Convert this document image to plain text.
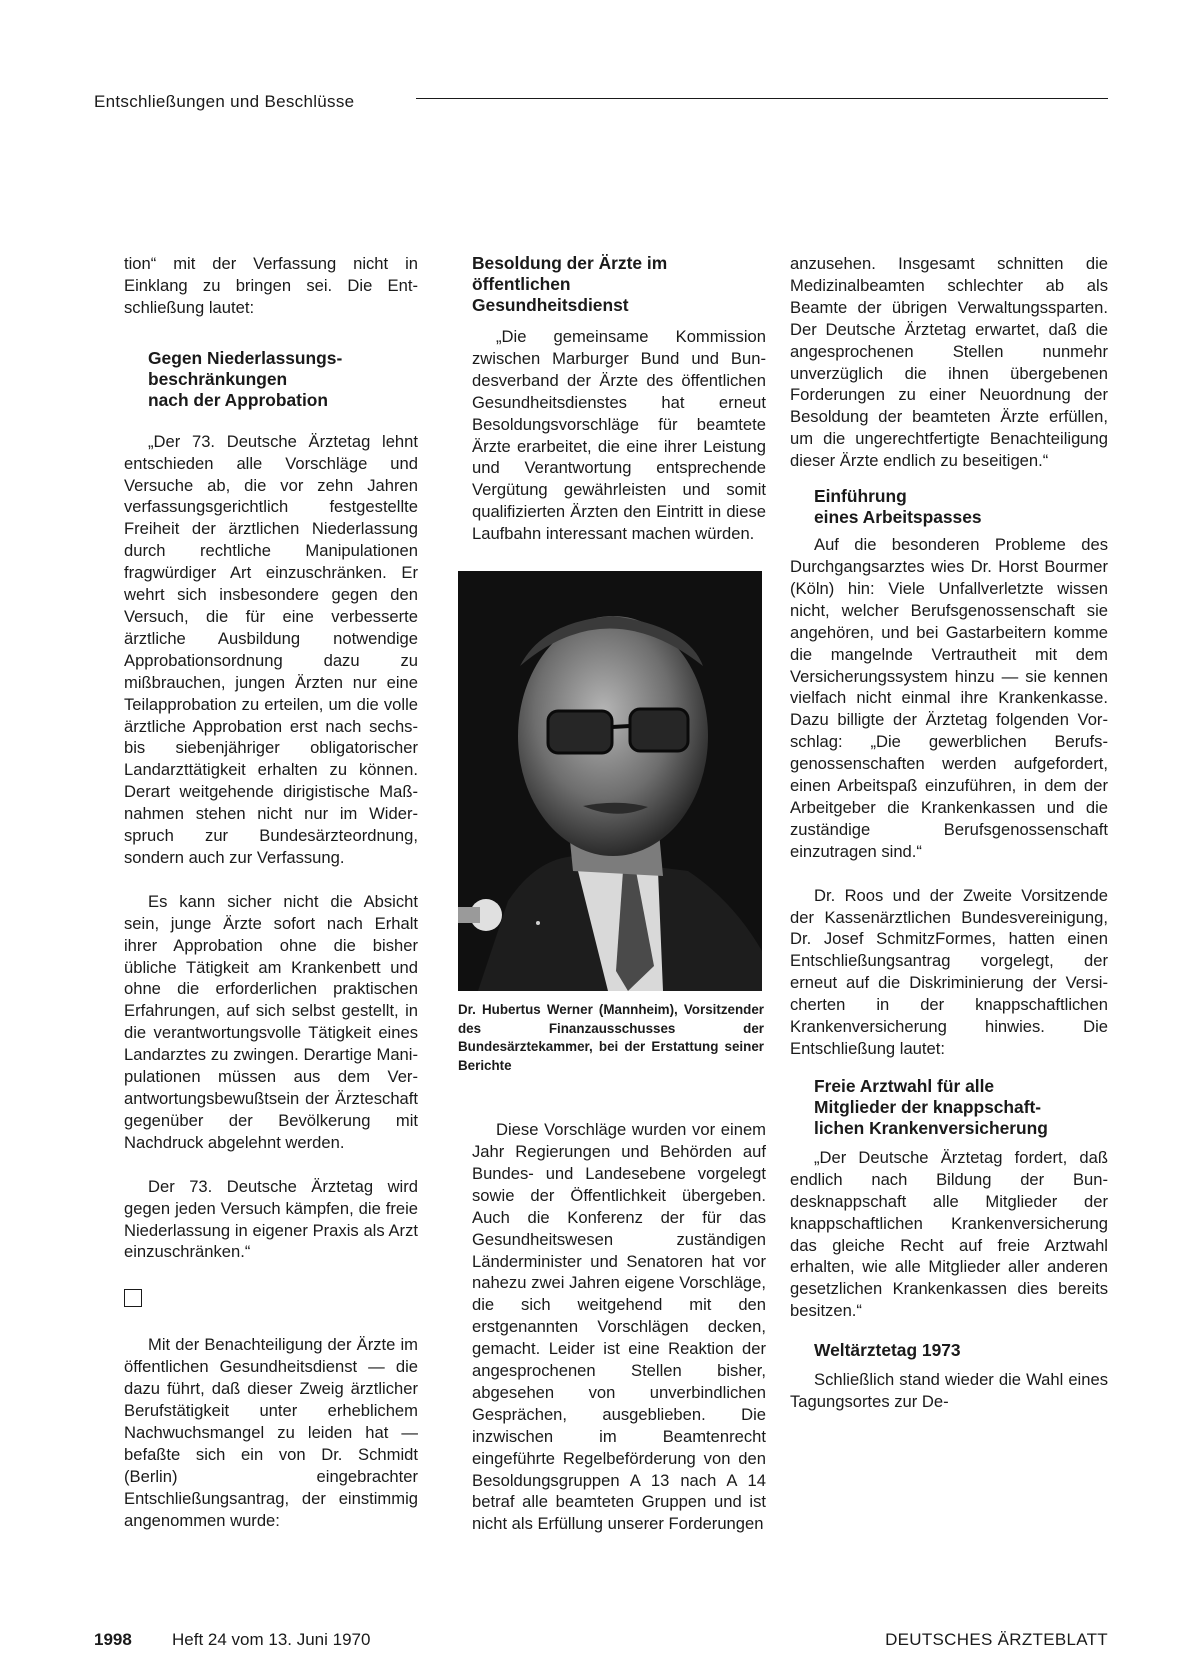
Entschließungen und Beschlüsse

tion“ mit der Verfassung nicht in Einklang zu bringen sei. Die Entschließung lautet:

Gegen Niederlassungs-
beschränkungen
nach der Approbation

„Der 73. Deutsche Ärztetag lehnt entschieden alle Vorschläge und Versuche ab, die vor zehn Jahren verfassungsgerichtlich festgestellte Freiheit der ärztlichen Niederlassung durch rechtliche Manipulationen fragwürdiger Art einzuschränken. Er wehrt sich insbesondere gegen den Versuch, die für eine verbesserte ärztliche Ausbildung notwendige Approbationsordnung dazu zu mißbrauchen, jungen Ärzten nur eine Teilapprobation zu erteilen, um die volle ärztliche Approbation erst nach sechs- bis siebenjähriger obligatorischer Landarzttätigkeit erhalten zu können. Derart weitgehende dirigistische Maßnahmen stehen nicht nur im Widerspruch zur Bundesärzteordnung, sondern auch zur Verfassung.

Es kann sicher nicht die Absicht sein, junge Ärzte sofort nach Erhalt ihrer Approbation ohne die bisher übliche Tätigkeit am Krankenbett und ohne die erforderlichen praktischen Erfahrungen, auf sich selbst gestellt, in die verantwortungsvolle Tätigkeit eines Landarztes zu zwingen. Derartige Manipulationen müssen aus dem Verantwortungsbewußtsein der Ärzteschaft gegenüber der Bevölkerung mit Nachdruck abgelehnt werden.

Der 73. Deutsche Ärztetag wird gegen jeden Versuch kämpfen, die freie Niederlassung in eigener Praxis als Arzt einzuschränken.“

Mit der Benachteiligung der Ärzte im öffentlichen Gesundheitsdienst — die dazu führt, daß dieser Zweig ärztlicher Berufstätigkeit unter erheblichem Nachwuchsmangel zu leiden hat — befaßte sich ein von Dr. Schmidt (Berlin) eingebrachter Entschließungsantrag, der einstimmig angenommen wurde:

Besoldung der Ärzte im
öffentlichen
Gesundheitsdienst

„Die gemeinsame Kommission zwischen Marburger Bund und Bundesverband der Ärzte des öffentlichen Gesundheitsdienstes hat erneut Besoldungsvorschläge für beamtete Ärzte erarbeitet, die eine ihrer Leistung und Verantwortung entsprechende Vergütung gewährleisten und somit qualifizierten Ärzten den Eintritt in diese Laufbahn interessant machen würden.

Dr. Hubertus Werner (Mannheim), Vorsitzender des Finanzausschusses der Bundesärztekammer, bei der Erstattung seiner Berichte

Diese Vorschläge wurden vor einem Jahr Regierungen und Behörden auf Bundes- und Landesebene vorgelegt sowie der Öffentlichkeit übergeben. Auch die Konferenz der für das Gesundheitswesen zuständigen Länderminister und Senatoren hat vor nahezu zwei Jahren eigene Vorschläge, die sich weitgehend mit den erstgenannten Vorschlägen decken, gemacht. Leider ist eine Reaktion der angesprochenen Stellen bisher, abgesehen von unverbindlichen Gesprächen, ausgeblieben. Die inzwischen im Beamtenrecht eingeführte Regelbeförderung von den Besoldungsgruppen A 13 nach A 14 betraf alle beamteten Gruppen und ist nicht als Erfüllung unserer Forderungen

anzusehen. Insgesamt schnitten die Medizinalbeamten schlechter ab als Beamte der übrigen Verwaltungssparten. Der Deutsche Ärztetag erwartet, daß die angesprochenen Stellen nunmehr unverzüglich die ihnen übergebenen Forderungen zu einer Neuordnung der Besoldung der beamteten Ärzte erfüllen, um die ungerechtfertigte Benachteiligung dieser Ärzte endlich zu beseitigen.“

Einführung
eines Arbeitspasses

Auf die besonderen Probleme des Durchgangsarztes wies Dr. Horst Bourmer (Köln) hin: Viele Unfallverletzte wissen nicht, welcher Berufsgenossenschaft sie angehören, und bei Gastarbeitern komme die mangelnde Vertrautheit mit dem Versicherungssystem hinzu — sie kennen vielfach nicht einmal ihre Krankenkasse. Dazu billigte der Ärztetag folgenden Vorschlag: „Die gewerblichen Berufsgenossenschaften werden aufgefordert, einen Arbeitspaß einzuführen, in dem der Arbeitgeber die Krankenkassen und die zuständige Berufsgenossenschaft einzutragen sind.“

Dr. Roos und der Zweite Vorsitzende der Kassenärztlichen Bundesvereinigung, Dr. Josef SchmitzFormes, hatten einen Entschließungsantrag vorgelegt, der erneut auf die Diskriminierung der Versicherten in der knappschaftlichen Krankenversicherung hinwies. Die Entschließung lautet:

Freie Arztwahl für alle
Mitglieder der knappschaft-
lichen Krankenversicherung

„Der Deutsche Ärztetag fordert, daß endlich nach Bildung der Bundesknappschaft alle Mitglieder der knappschaftlichen Krankenversicherung das gleiche Recht auf freie Arztwahl erhalten, wie alle Mitglieder aller anderen gesetzlichen Krankenkassen dies bereits besitzen.“

Weltärztetag 1973

Schließlich stand wieder die Wahl eines Tagungsortes zur De-

1998 Heft 24 vom 13. Juni 1970	DEUTSCHES ÄRZTEBLATT
